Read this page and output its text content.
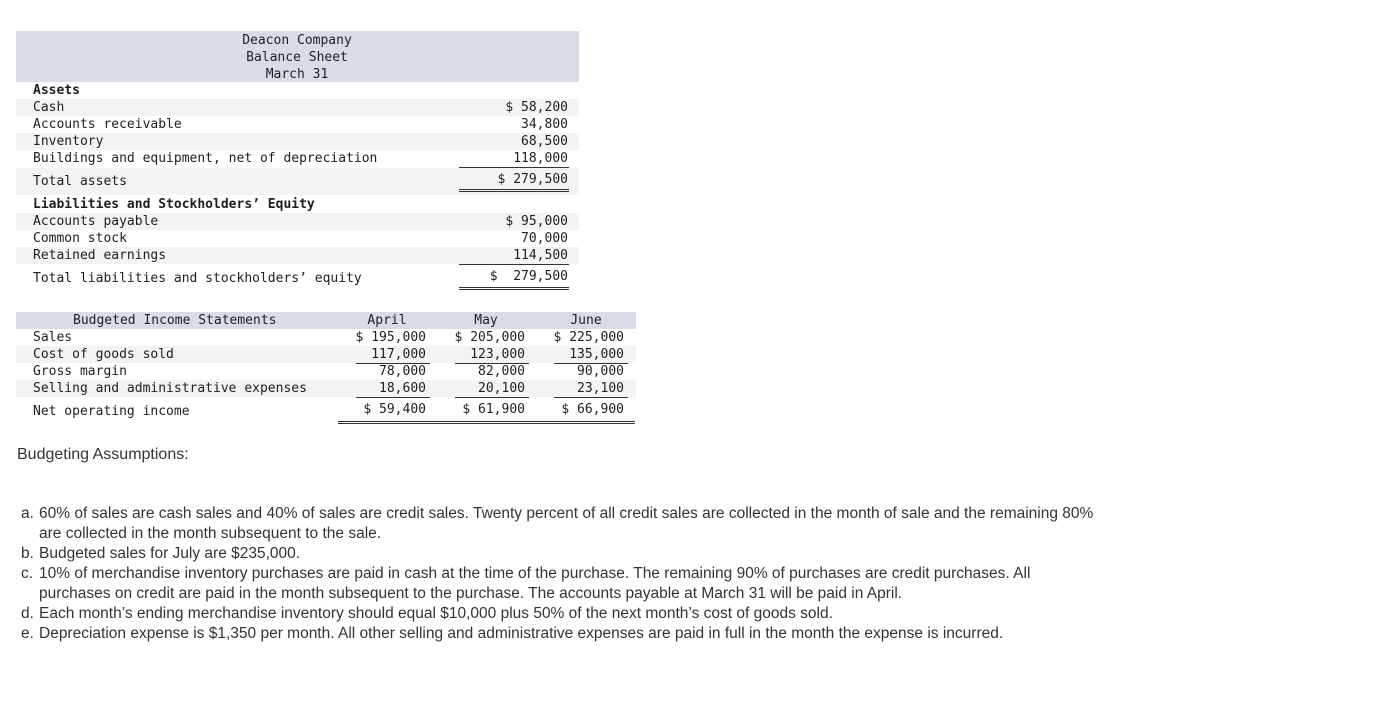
Deacon Company
Balance Sheet
March 31
Assets
Cash	$ 58,200
Accounts receivable	34,800
Inventory	68,500
Buildings and equipment, net of depreciation	118,000
Total assets	$ 279,500
Liabilities and Stockholders’ Equity
Accounts payable	$ 95,000
Common stock	70,000
Retained earnings	114,500
Total liabilities and stockholders’ equity	$  279,500
Budgeted Income Statements	April	May	June
Sales	$ 195,000 $ 205,000 $ 225,000
Cost of goods sold	117,000	123,000	135,000
Gross margin	78,000	82,000	90,000
Selling and administrative expenses	18,600	20,100	23,100
Net operating income	$ 59,400	$ 61,900	$ 66,900
Budgeting Assumptions:
a. 60% of sales are cash sales and 40% of sales are credit sales. Twenty percent of all credit sales are collected in the month of sale and the remaining 80% are collected in the month subsequent to the sale.
b. Budgeted sales for July are $235,000.
c. 10% of merchandise inventory purchases are paid in cash at the time of the purchase. The remaining 90% of purchases are credit purchases. All purchases on credit are paid in the month subsequent to the purchase. The accounts payable at March 31 will be paid in April.
d. Each month’s ending merchandise inventory should equal $10,000 plus 50% of the next month’s cost of goods sold.
e. Depreciation expense is $1,350 per month. All other selling and administrative expenses are paid in full in the month the expense is incurred.
